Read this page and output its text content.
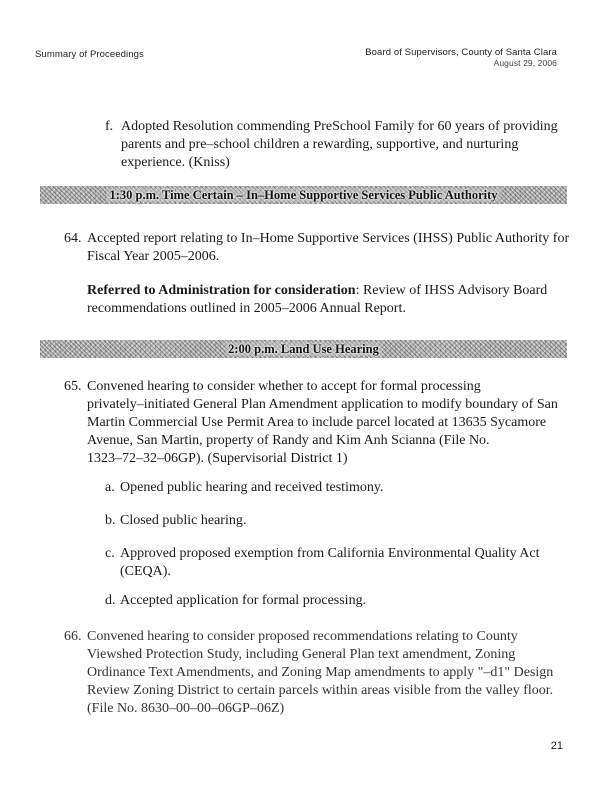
Summary of Proceedings	Board of Supervisors, County of Santa Clara
August 29, 2006
f. Adopted Resolution commending PreSchool Family for 60 years of providing
parents and pre–school children a rewarding, supportive, and nurturing
experience. (Kniss)
1:30 p.m. Time Certain – In–Home Supportive Services Public Authority
64. Accepted report relating to In–Home Supportive Services (IHSS) Public Authority for
Fiscal Year 2005–2006.
Referred to Administration for consideration: Review of IHSS Advisory Board
recommendations outlined in 2005–2006 Annual Report.
2:00 p.m. Land Use Hearing
65. Convened hearing to consider whether to accept for formal processing
privately–initiated General Plan Amendment application to modify boundary of San
Martin Commercial Use Permit Area to include parcel located at 13635 Sycamore
Avenue, San Martin, property of Randy and Kim Anh Scianna (File No.
1323–72–32–06GP). (Supervisorial District 1)
a. Opened public hearing and received testimony.
b. Closed public hearing.
c. Approved proposed exemption from California Environmental Quality Act
(CEQA).
d. Accepted application for formal processing.
66. Convened hearing to consider proposed recommendations relating to County
Viewshed Protection Study, including General Plan text amendment, Zoning
Ordinance Text Amendments, and Zoning Map amendments to apply "–d1" Design
Review Zoning District to certain parcels within areas visible from the valley floor.
(File No. 8630–00–00–06GP–06Z)
21
